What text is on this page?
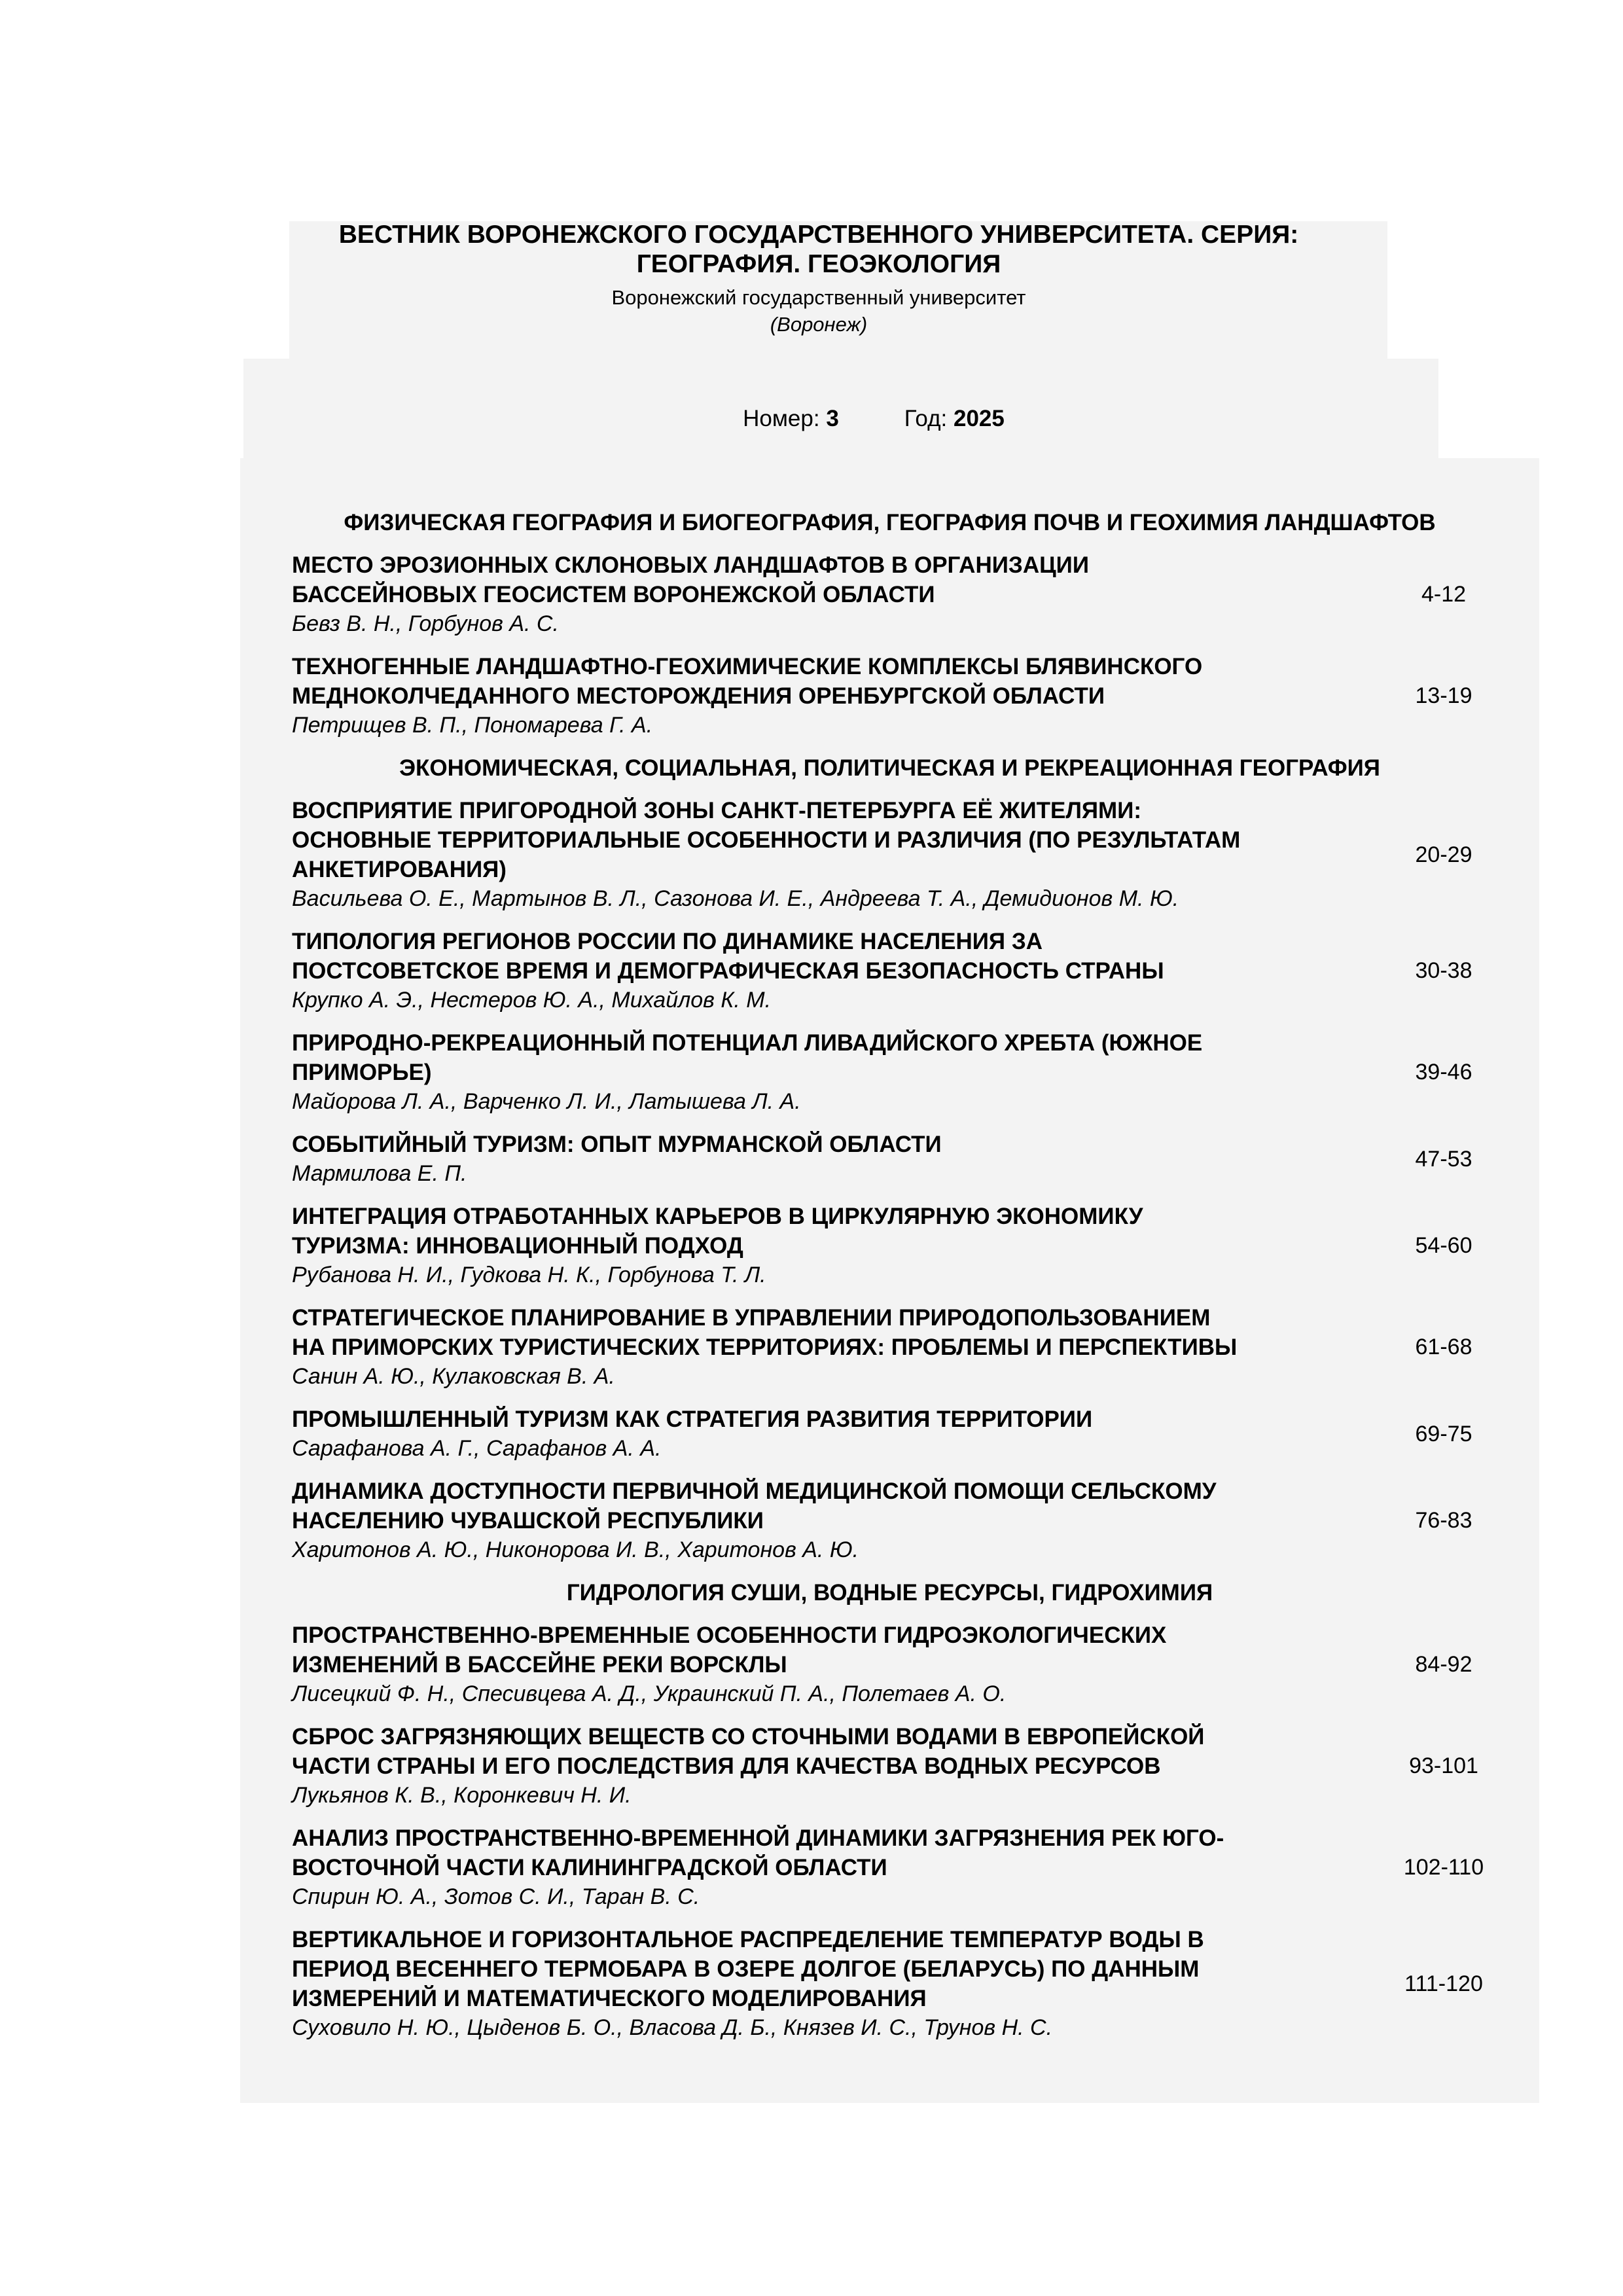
ВЕСТНИК ВОРОНЕЖСКОГО ГОСУДАРСТВЕННОГО УНИВЕРСИТЕТА. СЕРИЯ:
ГЕОГРАФИЯ. ГЕОЭКОЛОГИЯ
Воронежский государственный университет
(Воронеж)
Номер: 3	Год: 2025
ФИЗИЧЕСКАЯ ГЕОГРАФИЯ И БИОГЕОГРАФИЯ, ГЕОГРАФИЯ ПОЧВ И ГЕОХИМИЯ ЛАНДШАФТОВ
МЕСТО ЭРОЗИОННЫХ СКЛОНОВЫХ ЛАНДШАФТОВ В ОРГАНИЗАЦИИ
БАССЕЙНОВЫХ ГЕОСИСТЕМ ВОРОНЕЖСКОЙ ОБЛАСТИ
Бевз В. Н., Горбунов А. С.
4-12
ТЕХНОГЕННЫЕ ЛАНДШАФТНО-ГЕОХИМИЧЕСКИЕ КОМПЛЕКСЫ БЛЯВИНСКОГО
МЕДНОКОЛЧЕДАННОГО МЕСТОРОЖДЕНИЯ ОРЕНБУРГСКОЙ ОБЛАСТИ
Петрищев В. П., Пономарева Г. А.
13-19
ЭКОНОМИЧЕСКАЯ, СОЦИАЛЬНАЯ, ПОЛИТИЧЕСКАЯ И РЕКРЕАЦИОННАЯ ГЕОГРАФИЯ
ВОСПРИЯТИЕ ПРИГОРОДНОЙ ЗОНЫ САНКТ-ПЕТЕРБУРГА ЕЁ ЖИТЕЛЯМИ:
ОСНОВНЫЕ ТЕРРИТОРИАЛЬНЫЕ ОСОБЕННОСТИ И РАЗЛИЧИЯ (ПО РЕЗУЛЬТАТАМ
АНКЕТИРОВАНИЯ)
Васильева О. Е., Мартынов В. Л., Сазонова И. Е., Андреева Т. А., Демидионов М. Ю.
20-29
ТИПОЛОГИЯ РЕГИОНОВ РОССИИ ПО ДИНАМИКЕ НАСЕЛЕНИЯ ЗА
ПОСТСОВЕТСКОЕ ВРЕМЯ И ДЕМОГРАФИЧЕСКАЯ БЕЗОПАСНОСТЬ СТРАНЫ
Крупко А. Э., Нестеров Ю. А., Михайлов К. М.
30-38
ПРИРОДНО-РЕКРЕАЦИОННЫЙ ПОТЕНЦИАЛ ЛИВАДИЙСКОГО ХРЕБТА (ЮЖНОЕ
ПРИМОРЬЕ)
Майорова Л. А., Варченко Л. И., Латышева Л. А.
39-46
СОБЫТИЙНЫЙ ТУРИЗМ: ОПЫТ МУРМАНСКОЙ ОБЛАСТИ
Мармилова Е. П.
47-53
ИНТЕГРАЦИЯ ОТРАБОТАННЫХ КАРЬЕРОВ В ЦИРКУЛЯРНУЮ ЭКОНОМИКУ
ТУРИЗМА: ИННОВАЦИОННЫЙ ПОДХОД
Рубанова Н. И., Гудкова Н. К., Горбунова Т. Л.
54-60
СТРАТЕГИЧЕСКОЕ ПЛАНИРОВАНИЕ В УПРАВЛЕНИИ ПРИРОДОПОЛЬЗОВАНИЕМ
НА ПРИМОРСКИХ ТУРИСТИЧЕСКИХ ТЕРРИТОРИЯХ: ПРОБЛЕМЫ И ПЕРСПЕКТИВЫ
Санин А. Ю., Кулаковская В. А.
61-68
ПРОМЫШЛЕННЫЙ ТУРИЗМ КАК СТРАТЕГИЯ РАЗВИТИЯ ТЕРРИТОРИИ
Сарафанова А. Г., Сарафанов А. А.
69-75
ДИНАМИКА ДОСТУПНОСТИ ПЕРВИЧНОЙ МЕДИЦИНСКОЙ ПОМОЩИ СЕЛЬСКОМУ
НАСЕЛЕНИЮ ЧУВАШСКОЙ РЕСПУБЛИКИ
Харитонов А. Ю., Никонорова И. В., Харитонов А. Ю.
76-83
ГИДРОЛОГИЯ СУШИ, ВОДНЫЕ РЕСУРСЫ, ГИДРОХИМИЯ
ПРОСТРАНСТВЕННО-ВРЕМЕННЫЕ ОСОБЕННОСТИ ГИДРОЭКОЛОГИЧЕСКИХ
ИЗМЕНЕНИЙ В БАССЕЙНЕ РЕКИ ВОРСКЛЫ
Лисецкий Ф. Н., Спесивцева А. Д., Украинский П. А., Полетаев А. О.
84-92
СБРОС ЗАГРЯЗНЯЮЩИХ ВЕЩЕСТВ СО СТОЧНЫМИ ВОДАМИ В ЕВРОПЕЙСКОЙ
ЧАСТИ СТРАНЫ И ЕГО ПОСЛЕДСТВИЯ ДЛЯ КАЧЕСТВА ВОДНЫХ РЕСУРСОВ
Лукьянов К. В., Коронкевич Н. И.
93-101
АНАЛИЗ ПРОСТРАНСТВЕННО-ВРЕМЕННОЙ ДИНАМИКИ ЗАГРЯЗНЕНИЯ РЕК ЮГО-
ВОСТОЧНОЙ ЧАСТИ КАЛИНИНГРАДСКОЙ ОБЛАСТИ
Спирин Ю. А., Зотов С. И., Таран В. С.
102-110
ВЕРТИКАЛЬНОЕ И ГОРИЗОНТАЛЬНОЕ РАСПРЕДЕЛЕНИЕ ТЕМПЕРАТУР ВОДЫ В
ПЕРИОД ВЕСЕННЕГО ТЕРМОБАРА В ОЗЕРЕ ДОЛГОЕ (БЕЛАРУСЬ) ПО ДАННЫМ
ИЗМЕРЕНИЙ И МАТЕМАТИЧЕСКОГО МОДЕЛИРОВАНИЯ
Суховило Н. Ю., Цыденов Б. О., Власова Д. Б., Князев И. С., Трунов Н. С.
111-120
